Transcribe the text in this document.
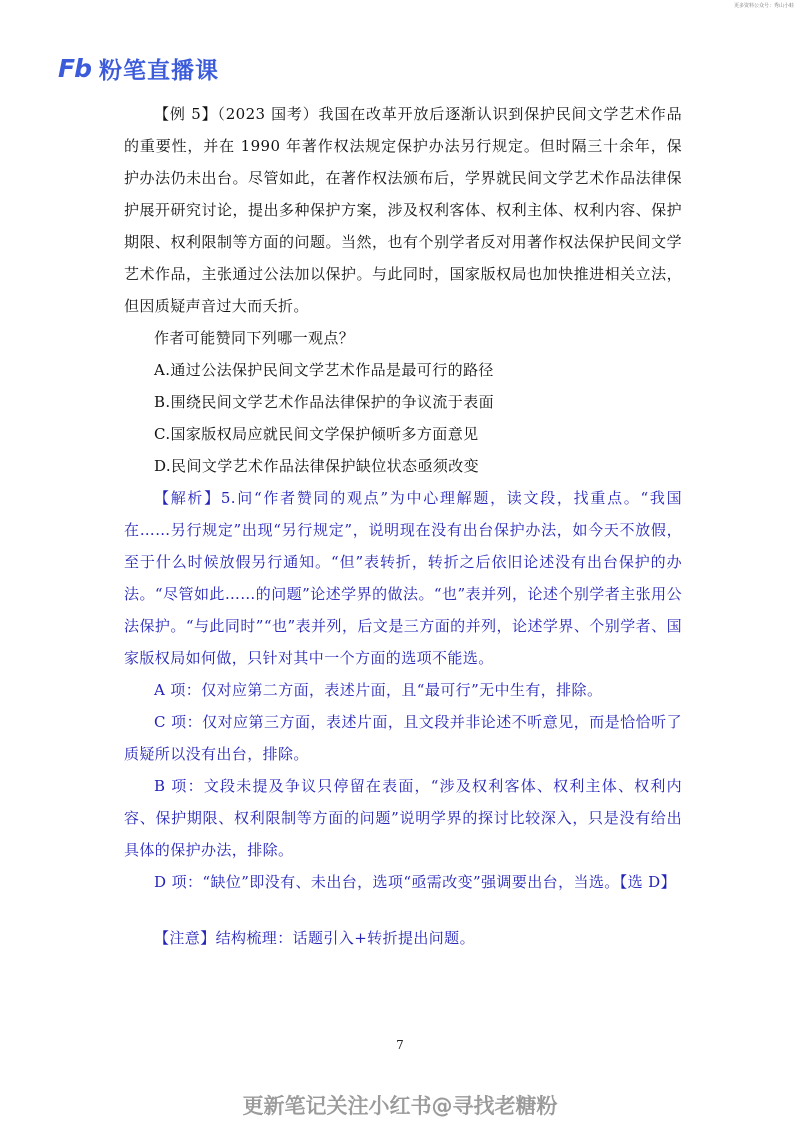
更多资料公众号：秀山小蛙
Fb 粉笔直播课

【例 5】（2023 国考）我国在改革开放后逐渐认识到保护民间文学艺术作品的重要性，并在 1990 年著作权法规定保护办法另行规定。但时隔三十余年，保护办法仍未出台。尽管如此，在著作权法颁布后，学界就民间文学艺术作品法律保护展开研究讨论，提出多种保护方案，涉及权利客体、权利主体、权利内容、保护期限、权利限制等方面的问题。当然，也有个别学者反对用著作权法保护民间文学艺术作品，主张通过公法加以保护。与此同时，国家版权局也加快推进相关立法，但因质疑声音过大而夭折。

作者可能赞同下列哪一观点？

A.通过公法保护民间文学艺术作品是最可行的路径

B.围绕民间文学艺术作品法律保护的争议流于表面

C.国家版权局应就民间文学保护倾听多方面意见

D.民间文学艺术作品法律保护缺位状态亟须改变

【解析】5.问“作者赞同的观点”为中心理解题，读文段，找重点。“我国在……另行规定”出现“另行规定”，说明现在没有出台保护办法，如今天不放假，至于什么时候放假另行通知。“但”表转折，转折之后依旧论述没有出台保护的办法。“尽管如此……的问题”论述学界的做法。“也”表并列，论述个别学者主张用公法保护。“与此同时”“也”表并列，后文是三方面的并列，论述学界、个别学者、国家版权局如何做，只针对其中一个方面的选项不能选。

A 项：仅对应第二方面，表述片面，且“最可行”无中生有，排除。

C 项：仅对应第三方面，表述片面，且文段并非论述不听意见，而是恰恰听了质疑所以没有出台，排除。

B 项：文段未提及争议只停留在表面，“涉及权利客体、权利主体、权利内容、保护期限、权利限制等方面的问题”说明学界的探讨比较深入，只是没有给出具体的保护办法，排除。

D 项：“缺位”即没有、未出台，选项“亟需改变”强调要出台，当选。【选 D】

【注意】结构梳理：话题引入+转折提出问题。

7
更新笔记关注小红书@寻找老糖粉
